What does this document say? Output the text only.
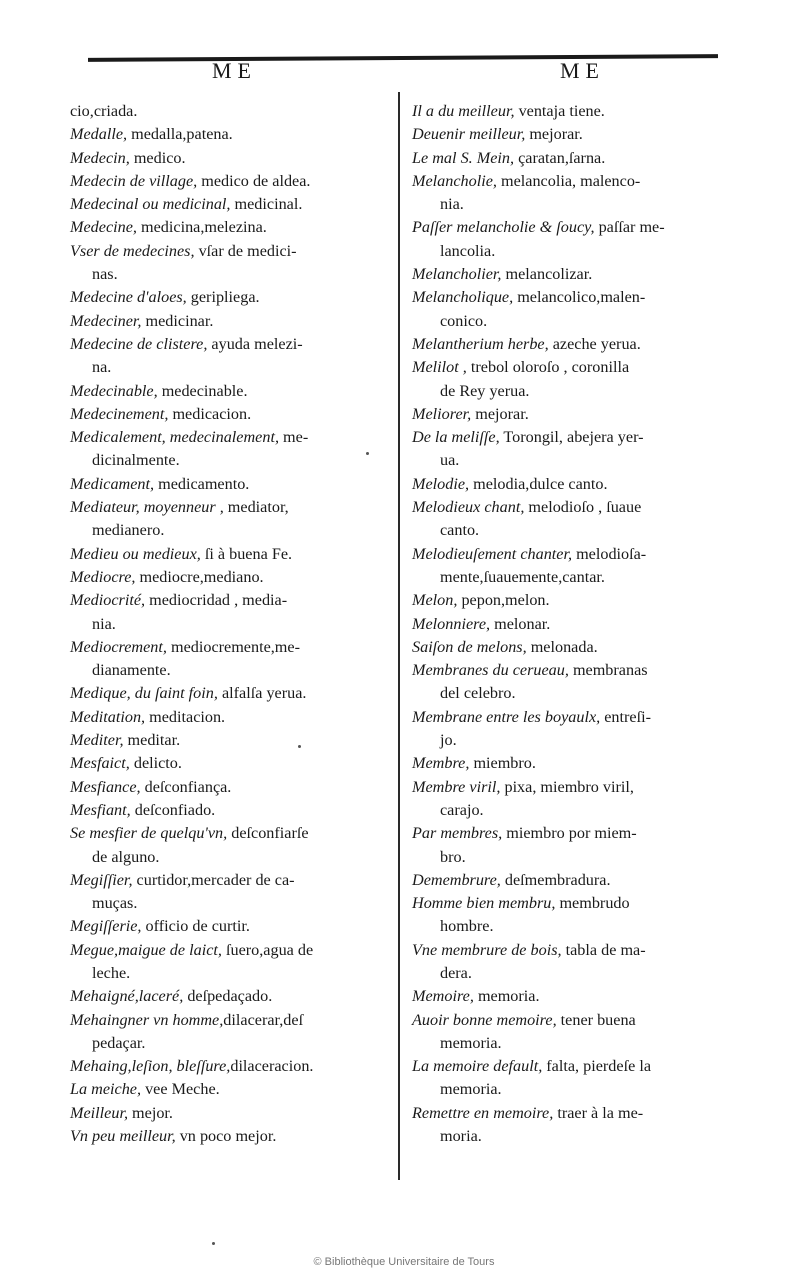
ME	ME
cio,criada.
Medalle, medalla,patena.
Medecin, medico.
Medecin de village, medico de aldea.
Medecinal ou medicinal, medicinal.
Medecine, medicina,melezina.
Vser de medecines, vſar de medici-
nas.
Medecine d'aloes, geripliega.
Medeciner, medicinar.
Medecine de clistere, ayuda melezi-
na.
Medecinable, medecinable.
Medecinement, medicacion.
Medicalement, medecinalement, me-
dicinalmente.
Medicament, medicamento.
Mediateur, moyenneur , mediator,
medianero.
Medieu ou medieux, ſi à buena Fe.
Mediocre, mediocre,mediano.
Mediocrité, mediocridad , media-
nia.
Mediocrement, mediocremente,me-
dianamente.
Medique, du ſaint foin, alfalſa yerua.
Meditation, meditacion.
Mediter, meditar.
Mesfaict, delicto.
Mesfiance, deſconfiança.
Mesfiant, deſconfiado.
Se mesfier de quelqu'vn, deſconfiarſe
de alguno.
Megiſſier, curtidor,mercader de ca-
muças.
Megiſſerie, officio de curtir.
Megue,maigue de laict, ſuero,agua de
leche.
Mehaigné,laceré, deſpedaçado.
Mehaingner vn homme,dilacerar,deſ
pedaçar.
Mehaing,leſion, bleſſure,dilaceracion.
La meiche, vee Meche.
Meilleur, mejor.
Vn peu meilleur, vn poco mejor.
Il a du meilleur, ventaja tiene.
Deuenir meilleur, mejorar.
Le mal S. Mein, çaratan,ſarna.
Melancholie, melancolia, malenco-
nia.
Paſſer melancholie & ſoucy, paſſar me-
lancolia.
Melancholier, melancolizar.
Melancholique, melancolico,malen-
conico.
Melantherium herbe, azeche yerua.
Melilot , trebol oloroſo , coronilla
de Rey yerua.
Meliorer, mejorar.
De la meliſſe, Torongil, abejera yer-
ua.
Melodie, melodia,dulce canto.
Melodieux chant, melodioſo , ſuaue
canto.
Melodieuſement chanter, melodioſa-
mente,ſuauemente,cantar.
Melon, pepon,melon.
Melonniere, melonar.
Saiſon de melons, melonada.
Membranes du cerueau, membranas
del celebro.
Membrane entre les boyaulx, entreſi-
jo.
Membre, miembro.
Membre viril, pixa, miembro viril,
carajo.
Par membres, miembro por miem-
bro.
Demembrure, deſmembradura.
Homme bien membru, membrudo
hombre.
Vne membrure de bois, tabla de ma-
dera.
Memoire, memoria.
Auoir bonne memoire, tener buena
memoria.
La memoire default, falta, pierdeſe la
memoria.
Remettre en memoire, traer à la me-
moria.
© Bibliothèque Universitaire de Tours
